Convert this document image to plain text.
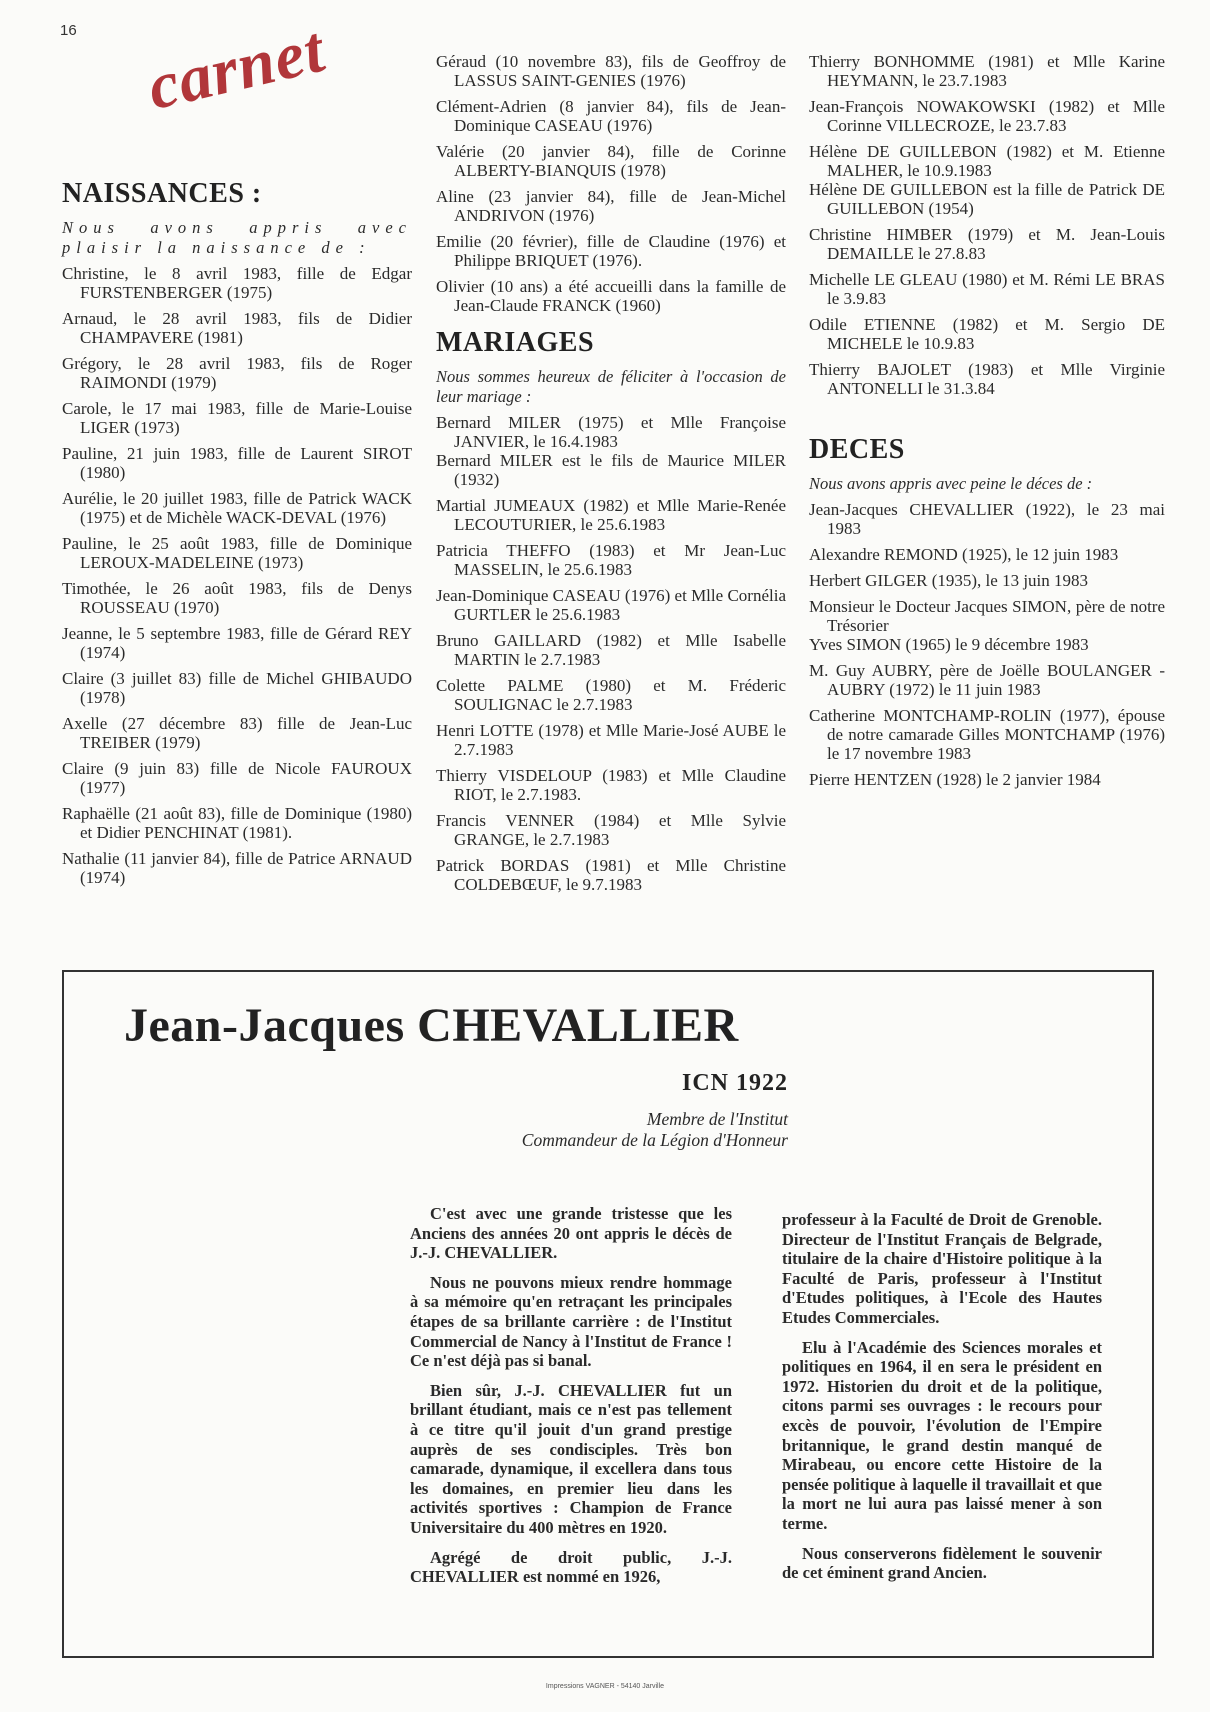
16 carnet
NAISSANCES :

Nous avons appris avec plaisir la naissance de :

Christine, le 8 avril 1983, fille de Edgar FURSTENBERGER (1975)
Arnaud, le 28 avril 1983, fils de Didier CHAMPAVERE (1981)
Grégory, le 28 avril 1983, fils de Roger RAIMONDI (1979)
Carole, le 17 mai 1983, fille de Marie-Louise LIGER (1973)
Pauline, 21 juin 1983, fille de Laurent SIROT (1980)
Aurélie, le 20 juillet 1983, fille de Patrick WACK (1975) et de Michèle WACK-DEVAL (1976)
Pauline, le 25 août 1983, fille de Dominique LEROUX-MADELEINE (1973)
Timothée, le 26 août 1983, fils de Denys ROUSSEAU (1970)
Jeanne, le 5 septembre 1983, fille de Gérard REY (1974)
Claire (3 juillet 83) fille de Michel GHIBAUDO (1978)
Axelle (27 décembre 83) fille de Jean-Luc TREIBER (1979)
Claire (9 juin 83) fille de Nicole FAUROUX (1977)
Raphaëlle (21 août 83), fille de Dominique (1980) et Didier PENCHINAT (1981).
Nathalie (11 janvier 84), fille de Patrice ARNAUD (1974)
Géraud (10 novembre 83), fils de Geoffroy de LASSUS SAINT-GENIES (1976)
Clément-Adrien (8 janvier 84), fils de Jean-Dominique CASEAU (1976)
Valérie (20 janvier 84), fille de Corinne ALBERTY-BIANQUIS (1978)
Aline (23 janvier 84), fille de Jean-Michel ANDRIVON (1976)
Emilie (20 février), fille de Claudine (1976) et Philippe BRIQUET (1976).
Olivier (10 ans) a été accueilli dans la famille de Jean-Claude FRANCK (1960)
MARIAGES

Nous sommes heureux de féliciter à l'occasion de leur mariage :

Bernard MILER (1975) et Mlle Françoise JANVIER, le 16.4.1983
Bernard MILER est le fils de Maurice MILER (1932)
Martial JUMEAUX (1982) et Mlle Marie-Renée LECOUTURIER, le 25.6.1983
Patricia THEFFO (1983) et Mr Jean-Luc MASSELIN, le 25.6.1983
Jean-Dominique CASEAU (1976) et Mlle Cornélia GURTLER le 25.6.1983
Bruno GAILLARD (1982) et Mlle Isabelle MARTIN le 2.7.1983
Colette PALME (1980) et M. Fréderic SOULIGNAC le 2.7.1983
Henri LOTTE (1978) et Mlle Marie-José AUBE le 2.7.1983
Thierry VISDELOUP (1983) et Mlle Claudine RIOT, le 2.7.1983.
Francis VENNER (1984) et Mlle Sylvie GRANGE, le 2.7.1983
Patrick BORDAS (1981) et Mlle Christine COLDEBŒUF, le 9.7.1983
Thierry BONHOMME (1981) et Mlle Karine HEYMANN, le 23.7.1983
Jean-François NOWAKOWSKI (1982) et Mlle Corinne VILLECROZE, le 23.7.83
Hélène DE GUILLEBON (1982) et M. Etienne MALHER, le 10.9.1983
Hélène DE GUILLEBON est la fille de Patrick DE GUILLEBON (1954)
Christine HIMBER (1979) et M. Jean-Louis DEMAILLE le 27.8.83
Michelle LE GLEAU (1980) et M. Rémi LE BRAS le 3.9.83
Odile ETIENNE (1982) et M. Sergio DE MICHELE le 10.9.83
Thierry BAJOLET (1983) et Mlle Virginie ANTONELLI le 31.3.84
DECES

Nous avons appris avec peine le déces de :

Jean-Jacques CHEVALLIER (1922), le 23 mai 1983
Alexandre REMOND (1925), le 12 juin 1983
Herbert GILGER (1935), le 13 juin 1983
Monsieur le Docteur Jacques SIMON, père de notre Trésorier
Yves SIMON (1965) le 9 décembre 1983
M. Guy AUBRY, père de Joëlle BOULANGER - AUBRY (1972) le 11 juin 1983
Catherine MONTCHAMP-ROLIN (1977), épouse de notre camarade Gilles MONTCHAMP (1976) le 17 novembre 1983
Pierre HENTZEN (1928) le 2 janvier 1984
Jean-Jacques CHEVALLIER
ICN 1922
Membre de l'Institut
Commandeur de la Légion d'Honneur

C'est avec une grande tristesse que les Anciens des années 20 ont appris le décès de J.-J. CHEVALLIER.

Nous ne pouvons mieux rendre hommage à sa mémoire qu'en retraçant les principales étapes de sa brillante carrière : de l'Institut Commercial de Nancy à l'Institut de France ! Ce n'est déjà pas si banal.

Bien sûr, J.-J. CHEVALLIER fut un brillant étudiant, mais ce n'est pas tellement à ce titre qu'il jouit d'un grand prestige auprès de ses condisciples. Très bon camarade, dynamique, il excellera dans tous les domaines, en premier lieu dans les activités sportives : Champion de France Universitaire du 400 mètres en 1920.

Agrégé de droit public, J.-J. CHEVALLIER est nommé en 1926,

professeur à la Faculté de Droit de Grenoble. Directeur de l'Institut Français de Belgrade, titulaire de la chaire d'Histoire politique à la Faculté de Paris, professeur à l'Institut d'Etudes politiques, à l'Ecole des Hautes Etudes Commerciales.

Elu à l'Académie des Sciences morales et politiques en 1964, il en sera le président en 1972. Historien du droit et de la politique, citons parmi ses ouvrages : le recours pour excès de pouvoir, l'évolution de l'Empire britannique, le grand destin manqué de Mirabeau, ou encore cette Histoire de la pensée politique à laquelle il travaillait et que la mort ne lui aura pas laissé mener à son terme.

Nous conserverons fidèlement le souvenir de cet éminent grand Ancien.

Impressions VAGNER - 54140 Jarville
